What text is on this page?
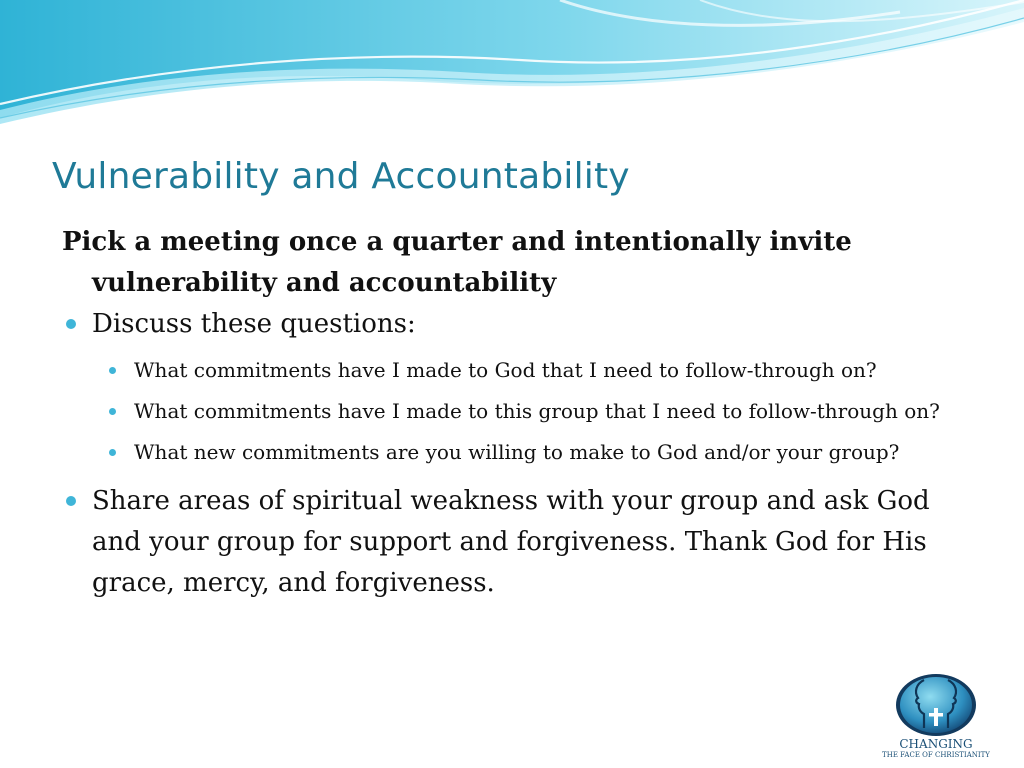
Vulnerability and Accountability

Pick a meeting once a quarter and intentionally invite vulnerability and accountability

Discuss these questions:
What commitments have I made to God that I need to follow-through on?
What commitments have I made to this group that I need to follow-through on?
What new commitments are you willing to make to God and/or your group?
Share areas of spiritual weakness with your group and ask God and your group for support and forgiveness. Thank God for His grace, mercy, and forgiveness.
CHANGING
THE FACE OF CHRISTIANITY
